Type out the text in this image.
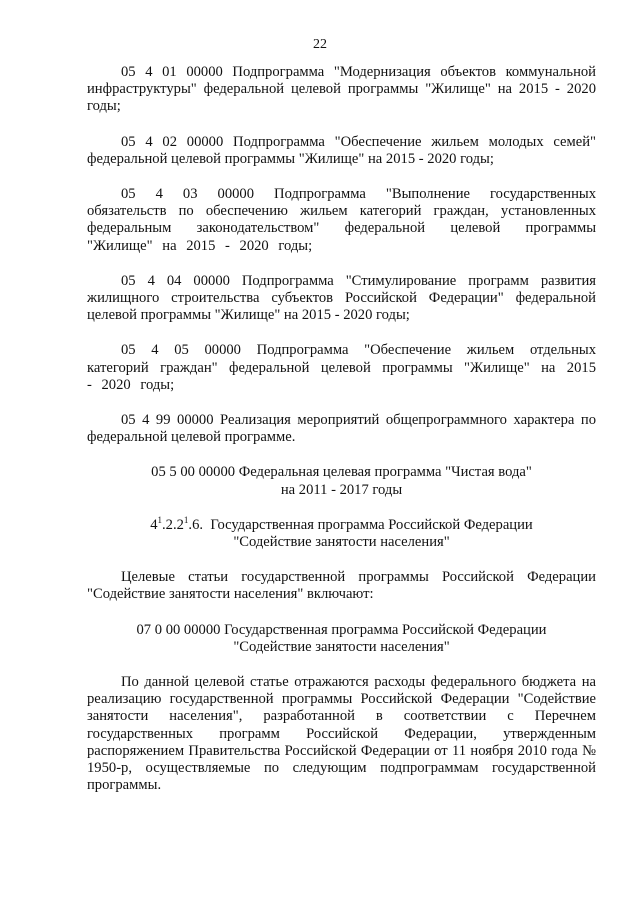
22

05 4 01 00000 Подпрограмма "Модернизация объектов коммунальной инфраструктуры" федеральной целевой программы "Жилище" на 2015 - 2020 годы;

05 4 02 00000 Подпрограмма "Обеспечение жильем молодых семей" федеральной целевой программы "Жилище" на 2015 - 2020 годы;

05 4 03 00000 Подпрограмма "Выполнение государственных обязательств по обеспечению жильем категорий граждан, установленных федеральным законодательством" федеральной целевой программы "Жилище" на 2015 - 2020 годы;

05 4 04 00000 Подпрограмма "Стимулирование программ развития жилищного строительства субъектов Российской Федерации" федеральной целевой программы "Жилище" на 2015 - 2020 годы;

05 4 05 00000 Подпрограмма "Обеспечение жильем отдельных категорий граждан" федеральной целевой программы "Жилище" на 2015 - 2020 годы;

05 4 99 00000 Реализация мероприятий общепрограммного характера по федеральной целевой программе.

05 5 00 00000 Федеральная целевая программа "Чистая вода"
на 2011 - 2017 годы
$4^1.2.2^1.6$. Государственная программа Российской Федерации
"Содействие занятости населения"

Целевые статьи государственной программы Российской Федерации "Содействие занятости населения" включают:

07 0 00 00000 Государственная программа Российской Федерации
"Содействие занятости населения"

По данной целевой статье отражаются расходы федерального бюджета на реализацию государственной программы Российской Федерации "Содействие занятости населения", разработанной в соответствии с Перечнем государственных программ Российской Федерации, утвержденным распоряжением Правительства Российской Федерации от 11 ноября 2010 года № 1950-р, осуществляемые по следующим подпрограммам государственной программы.
